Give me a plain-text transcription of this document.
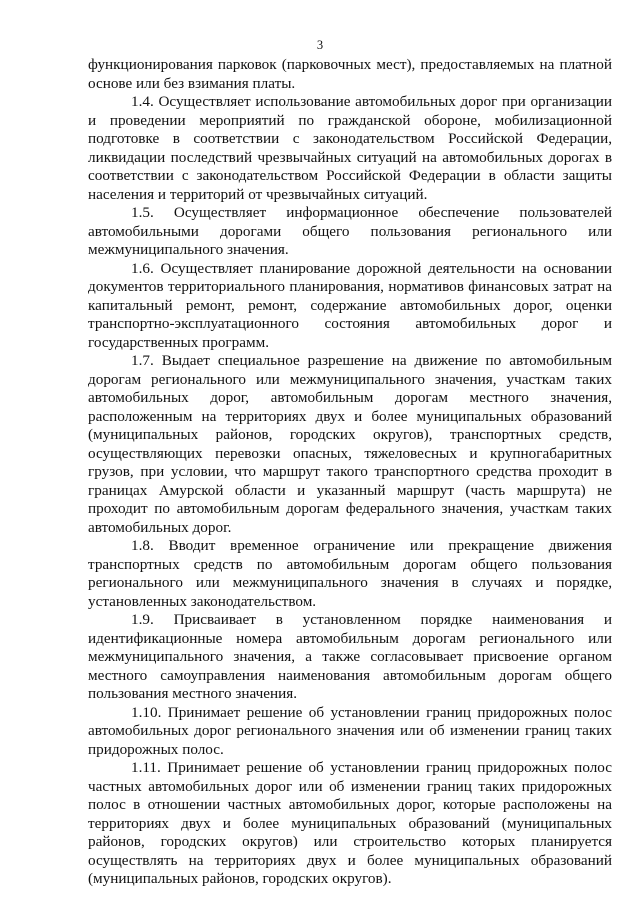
3

функционирования парковок (парковочных мест), предоставляемых на платной основе или без взимания платы.

1.4. Осуществляет использование автомобильных дорог при организации и проведении мероприятий по гражданской обороне, мобилизационной подготовке в соответствии с законодательством Российской Федерации, ликвидации последствий чрезвычайных ситуаций на автомобильных дорогах в соответствии с законодательством Российской Федерации в области защиты населения и территорий от чрезвычайных ситуаций.

1.5. Осуществляет информационное обеспечение пользователей автомобильными дорогами общего пользования регионального или межмуниципального значения.

1.6. Осуществляет планирование дорожной деятельности на основании документов территориального планирования, нормативов финансовых затрат на капитальный ремонт, ремонт, содержание автомобильных дорог, оценки транспортно-эксплуатационного состояния автомобильных дорог и государственных программ.

1.7. Выдает специальное разрешение на движение по автомобильным дорогам регионального или межмуниципального значения, участкам таких автомобильных дорог, автомобильным дорогам местного значения, расположенным на территориях двух и более муниципальных образований (муниципальных районов, городских округов), транспортных средств, осуществляющих перевозки опасных, тяжеловесных и крупногабаритных грузов, при условии, что маршрут такого транспортного средства проходит в границах Амурской области и указанный маршрут (часть маршрута) не проходит по автомобильным дорогам федерального значения, участкам таких автомобильных дорог.

1.8. Вводит временное ограничение или прекращение движения транспортных средств по автомобильным дорогам общего пользования регионального или межмуниципального значения в случаях и порядке, установленных законодательством.

1.9. Присваивает в установленном порядке наименования и идентификационные номера автомобильным дорогам регионального или межмуниципального значения, а также согласовывает присвоение органом местного самоуправления наименования автомобильным дорогам общего пользования местного значения.

1.10. Принимает решение об установлении границ придорожных полос автомобильных дорог регионального значения или об изменении границ таких придорожных полос.

1.11. Принимает решение об установлении границ придорожных полос частных автомобильных дорог или об изменении границ таких придорожных полос в отношении частных автомобильных дорог, которые расположены на территориях двух и более муниципальных образований (муниципальных районов, городских округов) или строительство которых планируется осуществлять на территориях двух и более муниципальных образований (муниципальных районов, городских округов).
